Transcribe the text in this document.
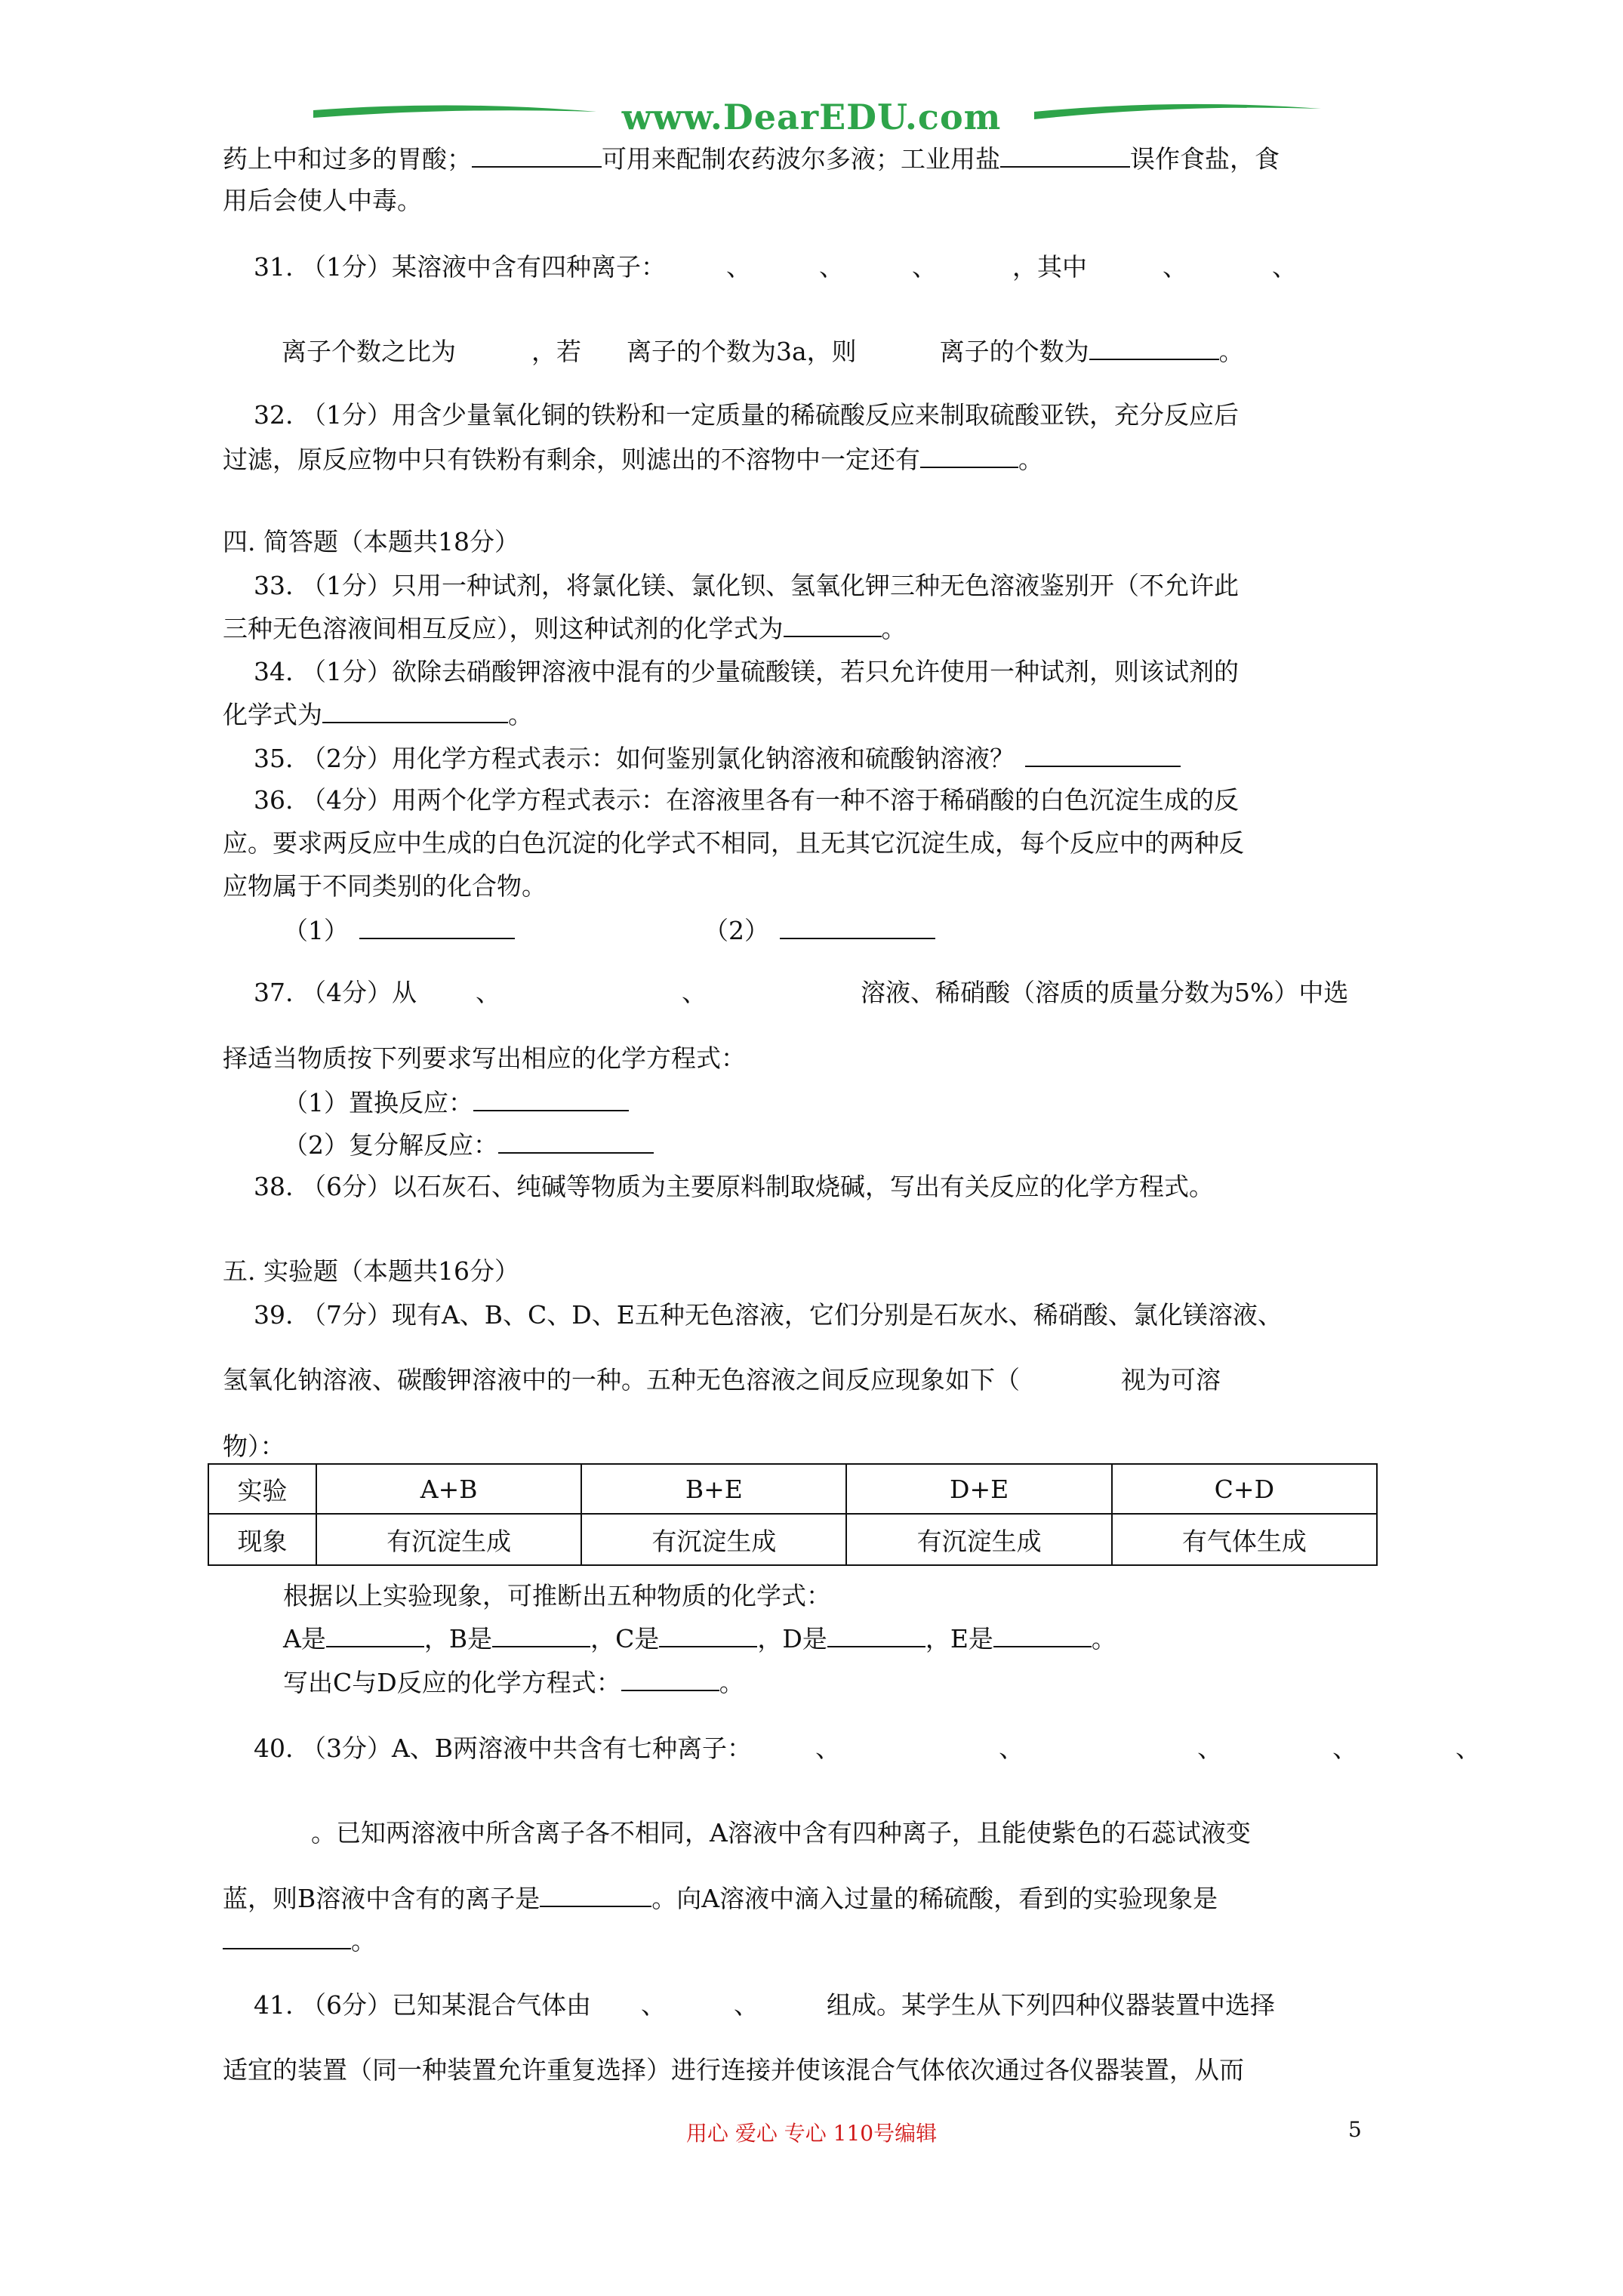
www.DearEDU.com
药上中和过多的胃酸；	可用来配制农药波尔多液；工业用盐	误作食盐，食
用后会使人中毒。
31. （1分）某溶液中含有四种离子： 、	、	、	，其中	、	、
离子个数之比为	，若 离子的个数为3a，则	离子的个数为	。
32. （1分）用含少量氧化铜的铁粉和一定质量的稀硫酸反应来制取硫酸亚铁，充分反应后
过滤，原反应物中只有铁粉有剩余，则滤出的不溶物中一定还有	。
四. 简答题（本题共18分）
33. （1分）只用一种试剂，将氯化镁、氯化钡、氢氧化钾三种无色溶液鉴别开（不允许此
三种无色溶液间相互反应），则这种试剂的化学式为	。
34. （1分）欲除去硝酸钾溶液中混有的少量硫酸镁，若只允许使用一种试剂，则该试剂的
化学式为	。
35. （2分）用化学方程式表示：如何鉴别氯化钠溶液和硫酸钠溶液？
36. （4分）用两个化学方程式表示：在溶液里各有一种不溶于稀硝酸的白色沉淀生成的反
应。要求两反应中生成的白色沉淀的化学式不相同，且无其它沉淀生成，每个反应中的两种反
应物属于不同类别的化合物。
（1）	（2）
37. （4分）从 、	、	溶液、稀硝酸（溶质的质量分数为5%）中选
择适当物质按下列要求写出相应的化学方程式：
（1）置换反应：
（2）复分解反应：
38. （6分）以石灰石、纯碱等物质为主要原料制取烧碱，写出有关反应的化学方程式。
五. 实验题（本题共16分）
39. （7分）现有A、B、C、D、E五种无色溶液，它们分别是石灰水、稀硝酸、氯化镁溶液、
氢氧化钠溶液、碳酸钾溶液中的一种。五种无色溶液之间反应现象如下（	视为可溶
物）：
实验	A+B	B+E	D+E	C+D
现象	有沉淀生成	有沉淀生成	有沉淀生成	有气体生成
根据以上实验现象，可推断出五种物质的化学式：
A是	，B是	，C是	，D是	，E是	。
写出C与D反应的化学方程式：	。
40. （3分）A、B两溶液中共含有七种离子：	、	、	、	、	、
。已知两溶液中所含离子各不相同，A溶液中含有四种离子，且能使紫色的石蕊试液变
蓝，则B溶液中含有的离子是	。向A溶液中滴入过量的稀硫酸，看到的实验现象是
。
41. （6分）已知某混合气体由 、	、	组成。某学生从下列四种仪器装置中选择
适宜的装置（同一种装置允许重复选择）进行连接并使该混合气体依次通过各仪器装置，从而
用心 爱心 专心 110号编辑	5
